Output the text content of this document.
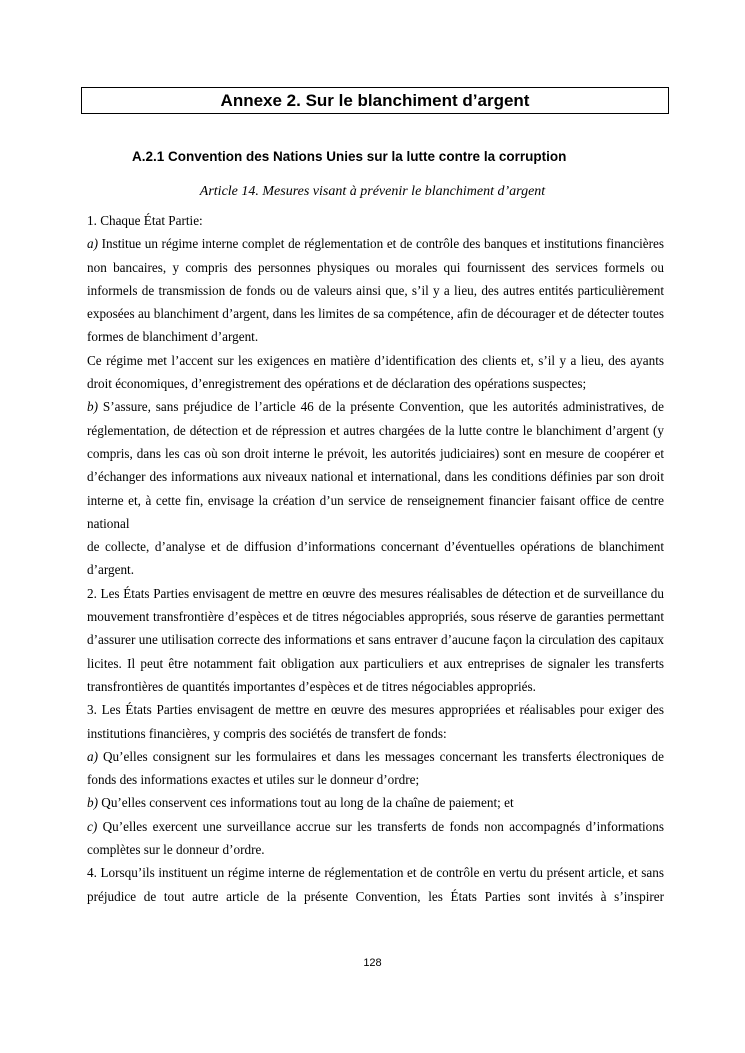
Annexe 2. Sur le blanchiment d’argent
A.2.1 Convention des Nations Unies sur la lutte contre la corruption
Article 14. Mesures visant à prévenir le blanchiment d’argent

1. Chaque État Partie:

a) Institue un régime interne complet de réglementation et de contrôle des banques et institutions financières non bancaires, y compris des personnes physiques ou morales qui fournissent des services formels ou informels de transmission de fonds ou de valeurs ainsi que, s’il y a lieu, des autres entités particulièrement exposées au blanchiment d’argent, dans les limites de sa compétence, afin de décourager et de détecter toutes formes de blanchiment d’argent.

Ce régime met l’accent sur les exigences en matière d’identification des clients et, s’il y a lieu, des ayants droit économiques, d’enregistrement des opérations et de déclaration des opérations suspectes;

b) S’assure, sans préjudice de l’article 46 de la présente Convention, que les autorités administratives, de réglementation, de détection et de répression et autres chargées de la lutte contre le blanchiment d’argent (y compris, dans les cas où son droit interne le prévoit, les autorités judiciaires) sont en mesure de coopérer et d’échanger des informations aux niveaux national et international, dans les conditions définies par son droit interne et, à cette fin, envisage la création d’un service de renseignement financier faisant office de centre national

de collecte, d’analyse et de diffusion d’informations concernant d’éventuelles opérations de blanchiment d’argent.

2. Les États Parties envisagent de mettre en œuvre des mesures réalisables de détection et de surveillance du mouvement transfrontière d’espèces et de titres négociables appropriés, sous réserve de garanties permettant d’assurer une utilisation correcte des informations et sans entraver d’aucune façon la circulation des capitaux licites. Il peut être notamment fait obligation aux particuliers et aux entreprises de signaler les transferts transfrontières de quantités importantes d’espèces et de titres négociables appropriés.

3. Les États Parties envisagent de mettre en œuvre des mesures appropriées et réalisables pour exiger des institutions financières, y compris des sociétés de transfert de fonds:

a) Qu’elles consignent sur les formulaires et dans les messages concernant les transferts électroniques de fonds des informations exactes et utiles sur le donneur d’ordre;

b) Qu’elles conservent ces informations tout au long de la chaîne de paiement; et

c) Qu’elles exercent une surveillance accrue sur les transferts de fonds non accompagnés d’informations complètes sur le donneur d’ordre.

4. Lorsqu’ils instituent un régime interne de réglementation et de contrôle en vertu du présent article, et sans préjudice de tout autre article de la présente Convention, les États Parties sont invités à s’inspirer

128
